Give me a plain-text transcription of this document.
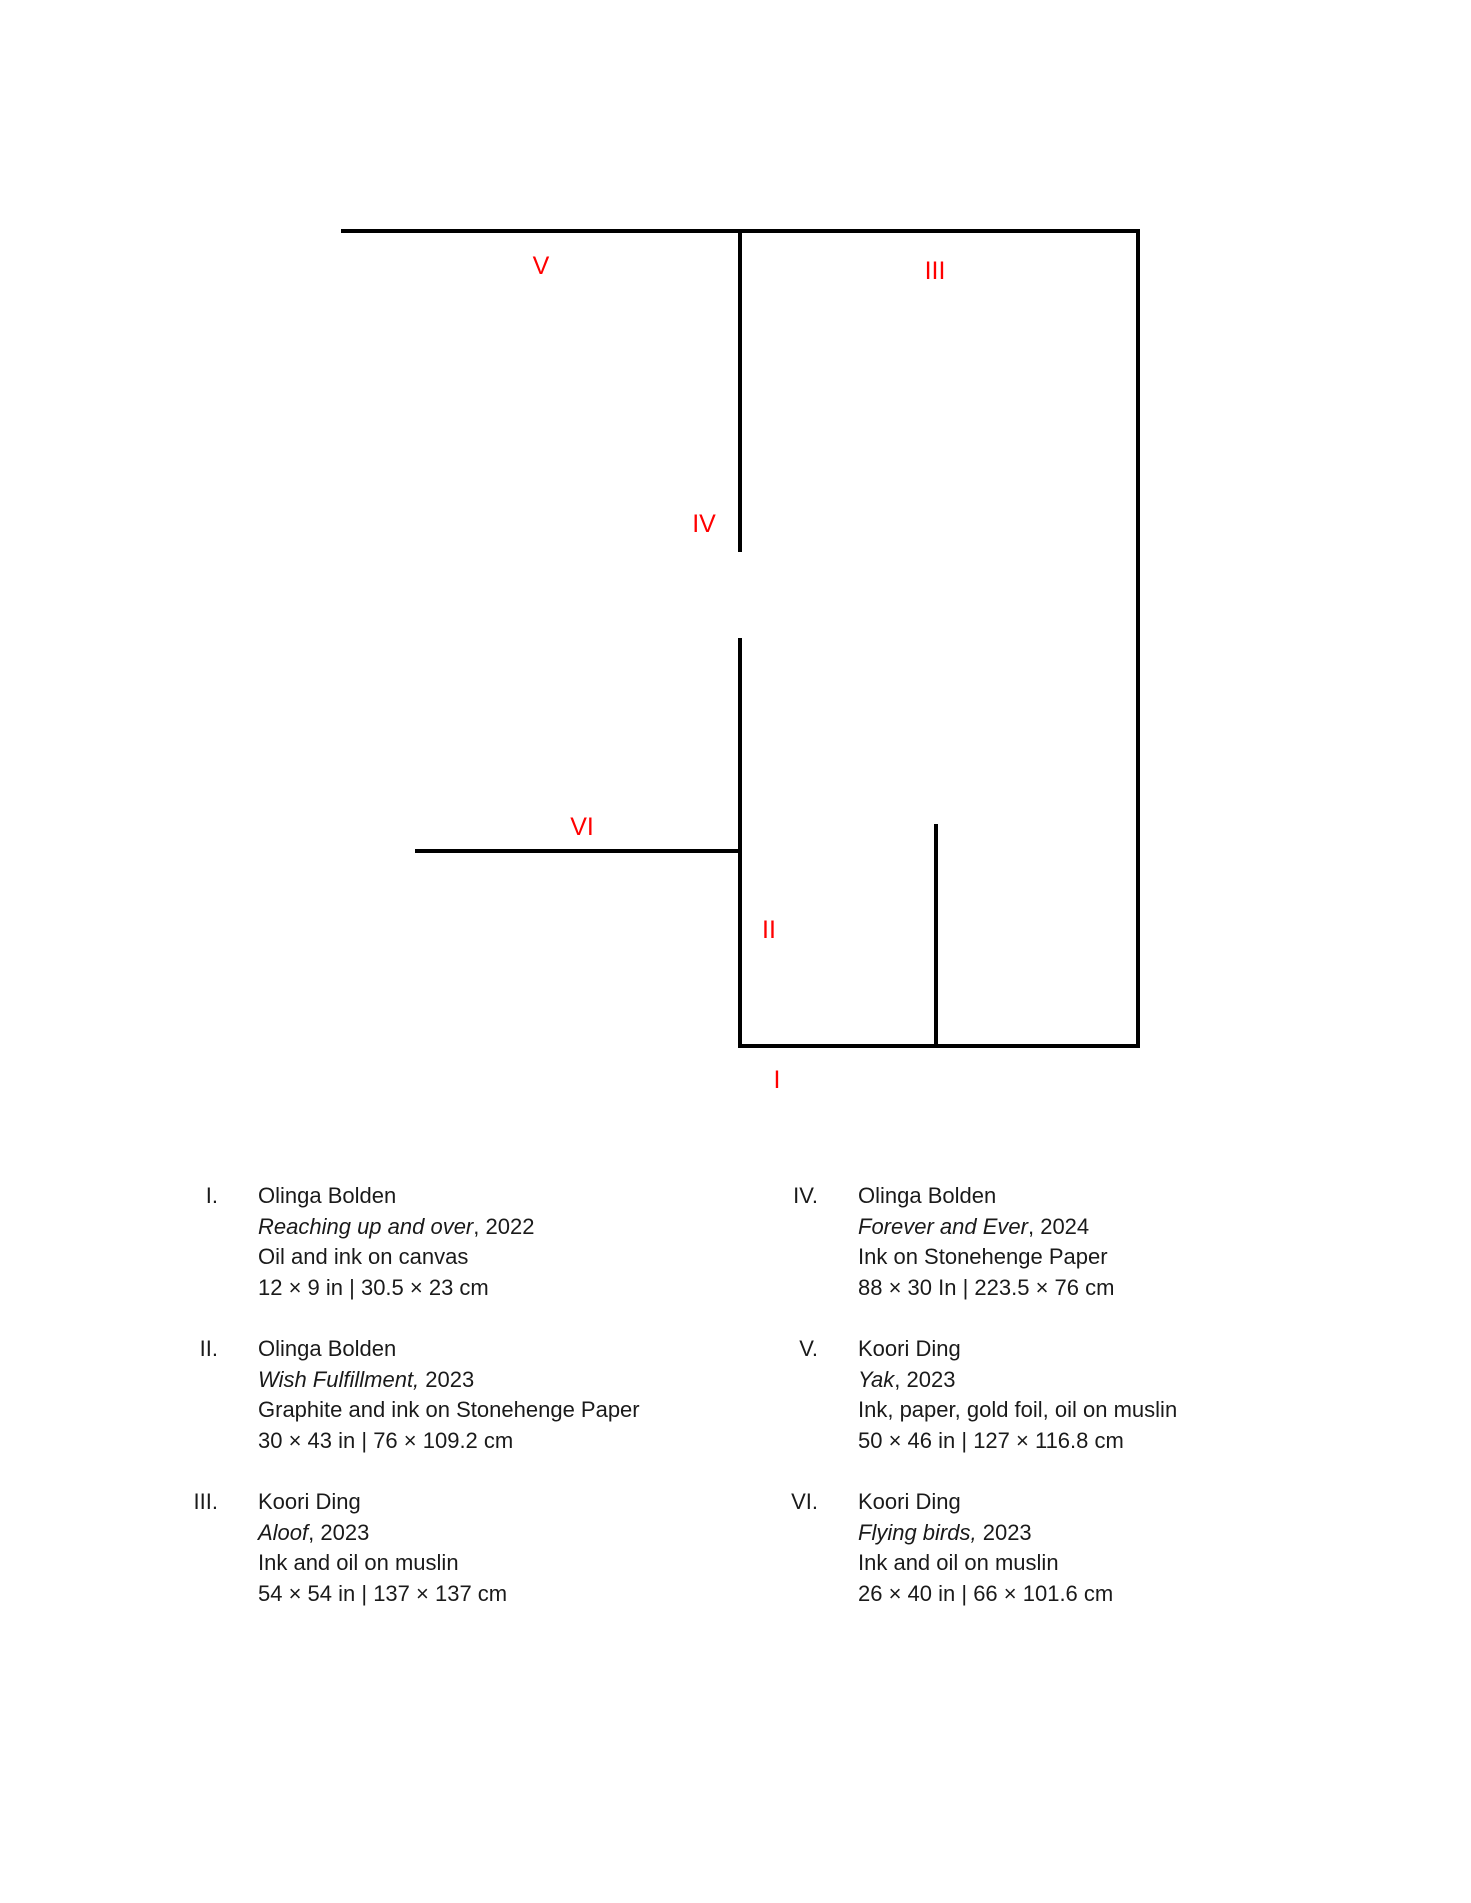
V	III
IV
VI
II
I
I. Olinga Bolden
Reaching up and over, 2022
Oil and ink on canvas
12 × 9 in | 30.5 × 23 cm
II. Olinga Bolden
Wish Fulfillment, 2023
Graphite and ink on Stonehenge Paper
30 × 43 in | 76 × 109.2 cm
III. Koori Ding
Aloof, 2023
Ink and oil on muslin
54 × 54 in | 137 × 137 cm
IV. Olinga Bolden
Forever and Ever, 2024
Ink on Stonehenge Paper
88 × 30 In | 223.5 × 76 cm
V. Koori Ding
Yak, 2023
Ink, paper, gold foil, oil on muslin
50 × 46 in | 127 × 116.8 cm
VI. Koori Ding
Flying birds, 2023
Ink and oil on muslin
26 × 40 in | 66 × 101.6 cm
